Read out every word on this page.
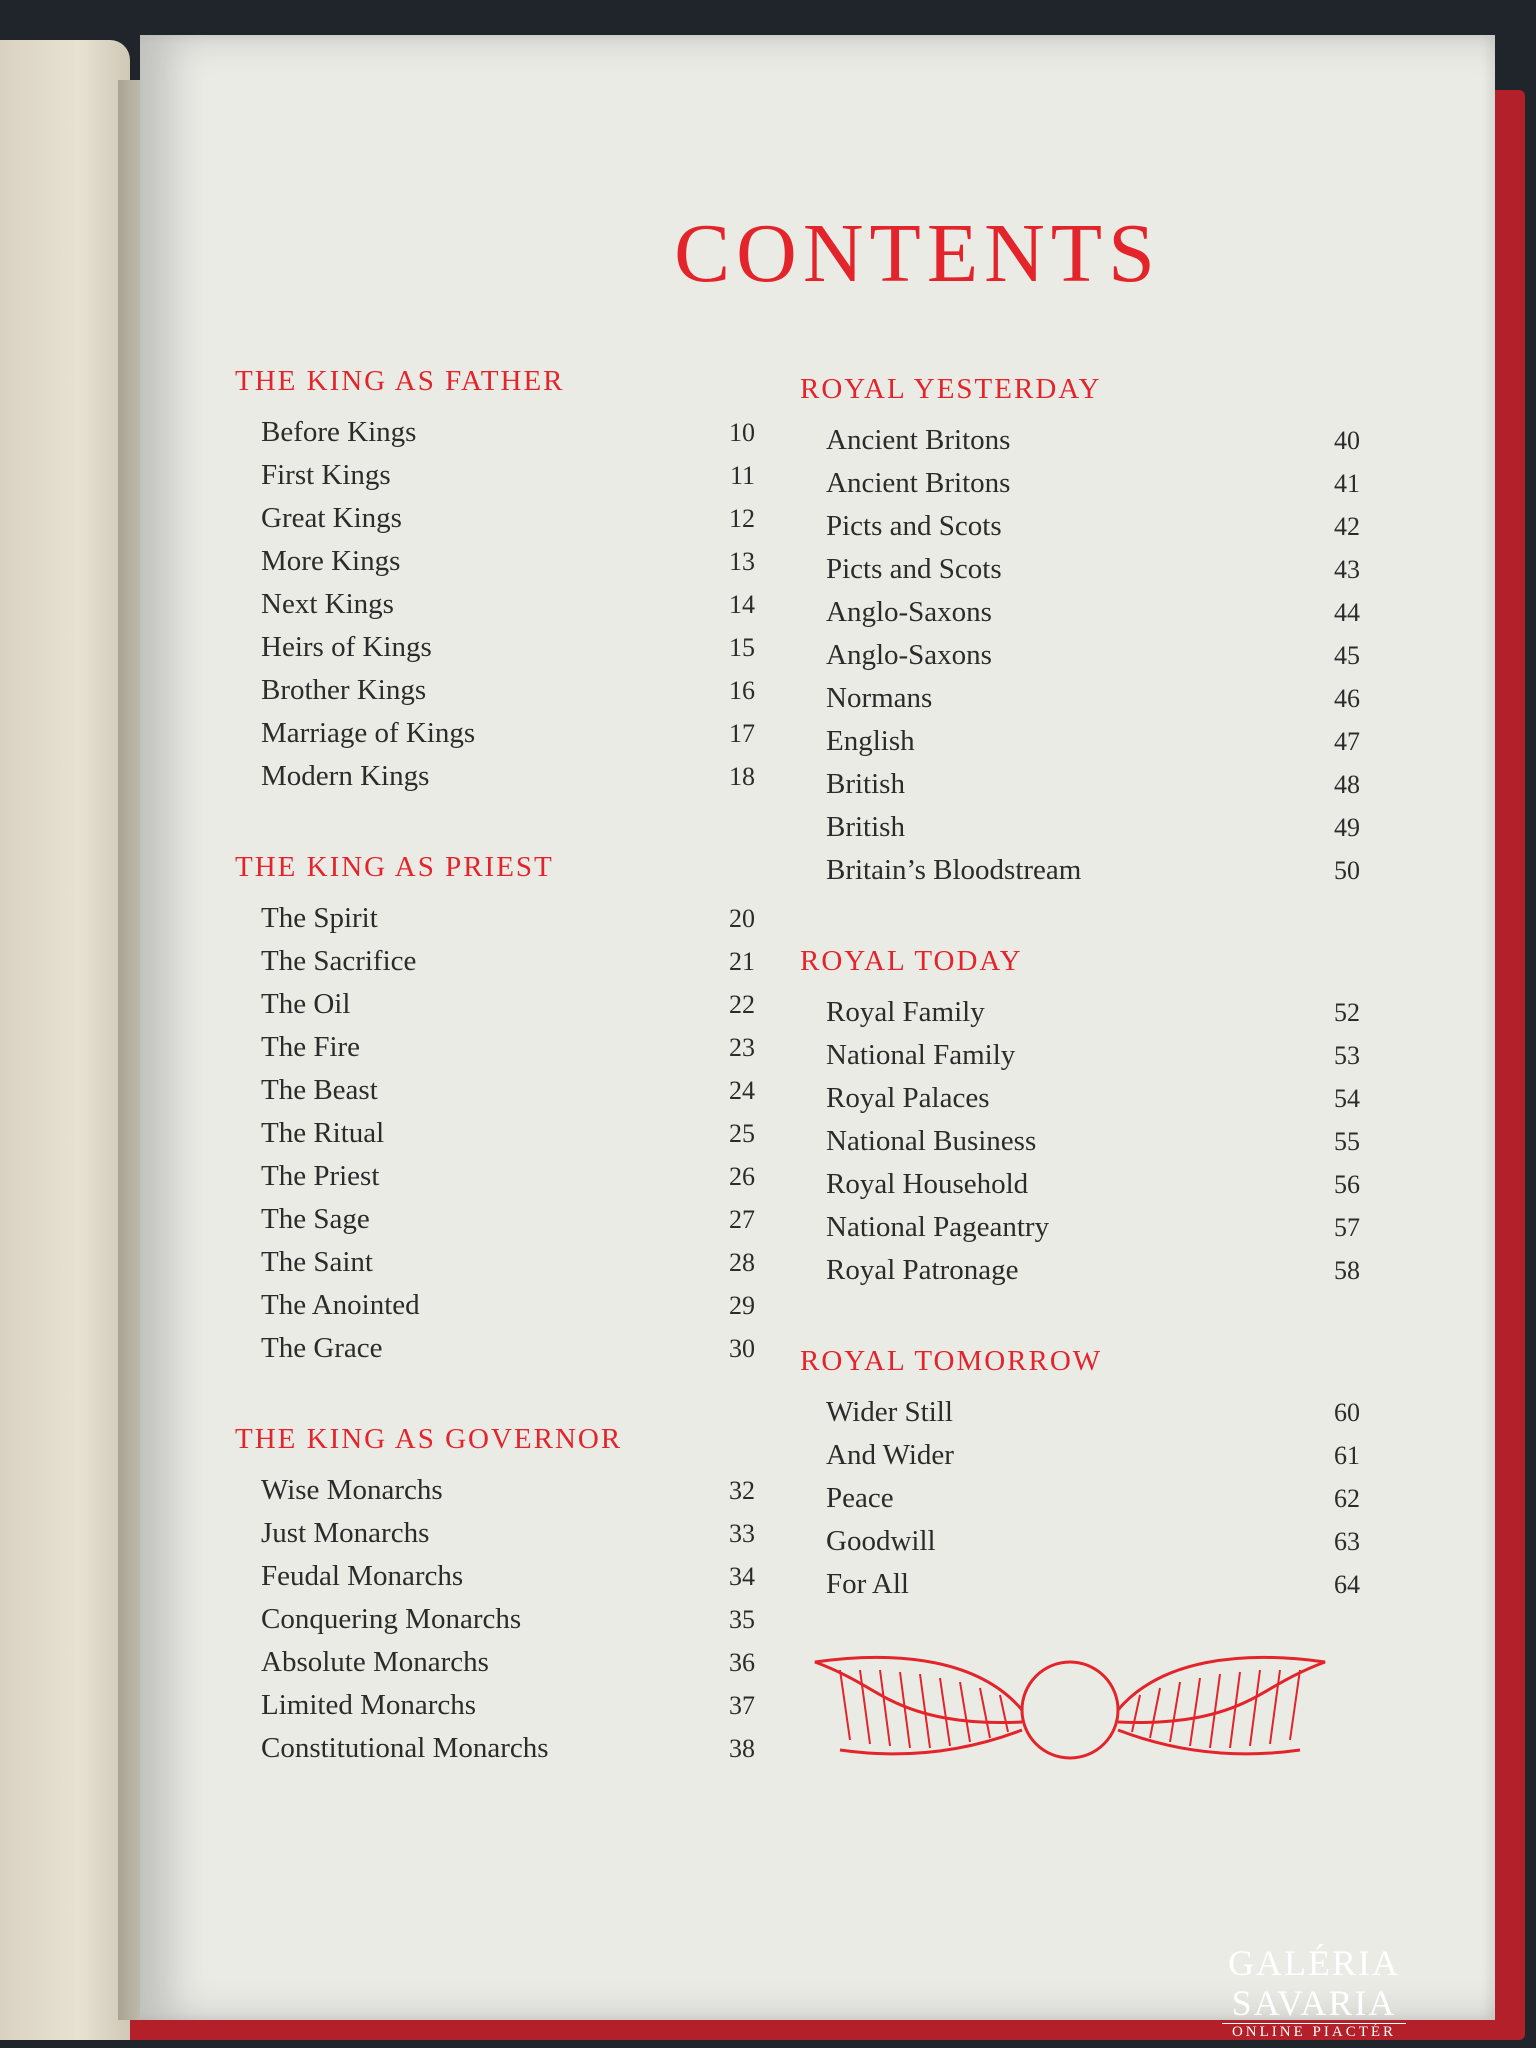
CONTENTS
THE KING AS FATHER
Before Kings	10
First Kings	11
Great Kings	12
More Kings	13
Next Kings	14
Heirs of Kings	15
Brother Kings	16
Marriage of Kings	17
Modern Kings	18
THE KING AS PRIEST
The Spirit	20
The Sacrifice	21
The Oil	22
The Fire	23
The Beast	24
The Ritual	25
The Priest	26
The Sage	27
The Saint	28
The Anointed	29
The Grace	30
THE KING AS GOVERNOR
Wise Monarchs	32
Just Monarchs	33
Feudal Monarchs	34
Conquering Monarchs	35
Absolute Monarchs	36
Limited Monarchs	37
Constitutional Monarchs	38
ROYAL YESTERDAY
Ancient Britons	40
Ancient Britons	41
Picts and Scots	42
Picts and Scots	43
Anglo-Saxons	44
Anglo-Saxons	45
Normans	46
English	47
British	48
British	49
Britain’s Bloodstream	50
ROYAL TODAY
Royal Family	52
National Family	53
Royal Palaces	54
National Business	55
Royal Household	56
National Pageantry	57
Royal Patronage	58
ROYAL TOMORROW
Wider Still	60
And Wider	61
Peace	62
Goodwill	63
For All	64
GALÉRIA SAVARIA
ONLINE PIACTÉR
